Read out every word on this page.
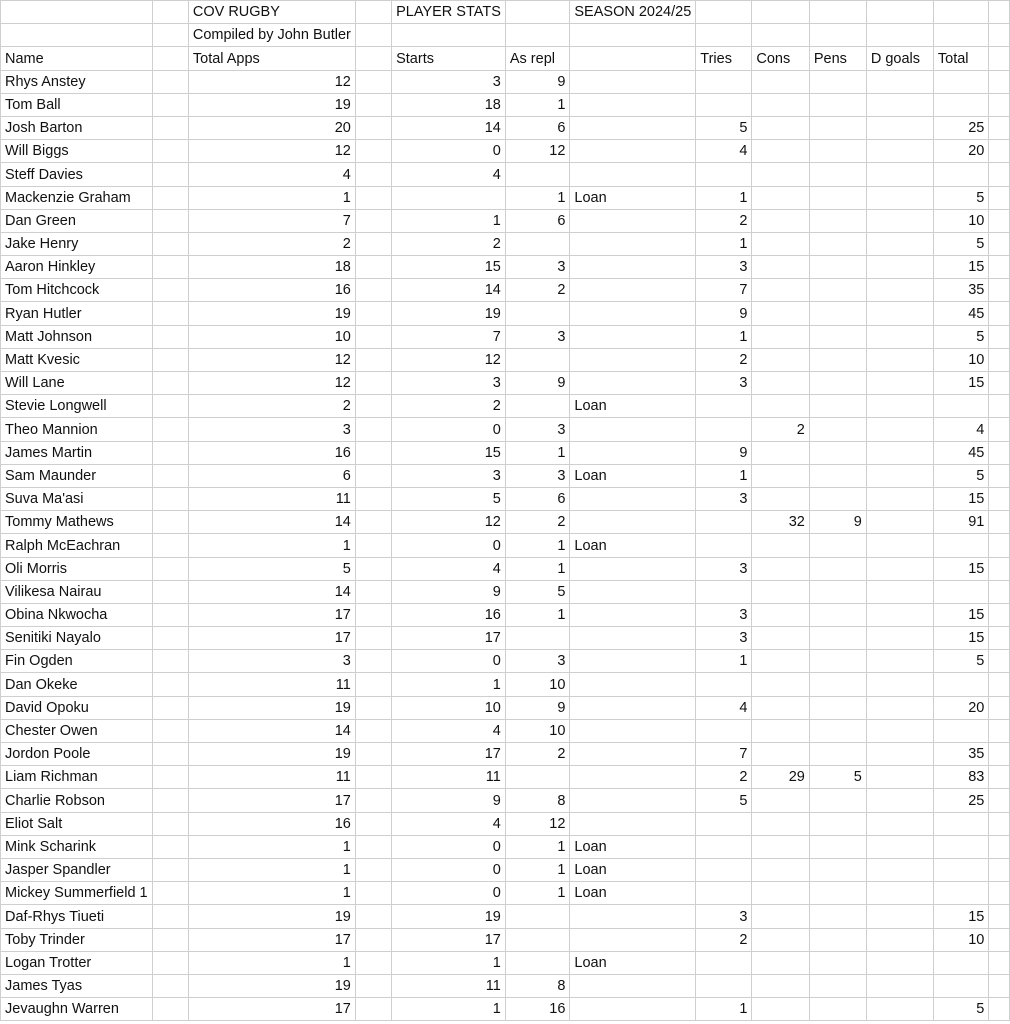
		COV RUGBY		PLAYER STATS		SEASON 2024/25						
		Compiled by John Butler										
Name		Total Apps		Starts	As repl		Tries	Cons	Pens	D goals	Total	
Rhys Anstey		12		3	9							
Tom Ball		19		18	1							
Josh Barton		20		14	6		5				25	
Will Biggs		12		0	12		4				20	
Steff Davies		4		4								
Mackenzie Graham		1			1	Loan	1				5	
Dan Green		7		1	6		2				10	
Jake Henry		2		2			1				5	
Aaron Hinkley		18		15	3		3				15	
Tom Hitchcock		16		14	2		7				35	
Ryan Hutler		19		19			9				45	
Matt Johnson		10		7	3		1				5	
Matt Kvesic		12		12			2				10	
Will Lane		12		3	9		3				15	
Stevie Longwell		2		2		Loan						
Theo Mannion		3		0	3			2			4	
James Martin		16		15	1		9				45	
Sam Maunder		6		3	3	Loan	1				5	
Suva Ma'asi		11		5	6		3				15	
Tommy Mathews		14		12	2			32	9		91	
Ralph McEachran		1		0	1	Loan						
Oli Morris		5		4	1		3				15	
Vilikesa Nairau		14		9	5							
Obina Nkwocha		17		16	1		3				15	
Senitiki Nayalo		17		17			3				15	
Fin Ogden		3		0	3		1				5	
Dan Okeke		11		1	10							
David Opoku		19		10	9		4				20	
Chester Owen		14		4	10							
Jordon Poole		19		17	2		7				35	
Liam Richman		11		11			2	29	5		83	
Charlie Robson		17		9	8		5				25	
Eliot Salt		16		4	12							
Mink Scharink		1		0	1	Loan						
Jasper Spandler		1		0	1	Loan						
Mickey Summerfield 1		1		0	1	Loan						
Daf-Rhys Tiueti		19		19			3				15	
Toby Trinder		17		17			2				10	
Logan Trotter		1		1		Loan						
James Tyas		19		11	8							
Jevaughn Warren		17		1	16		1				5	
